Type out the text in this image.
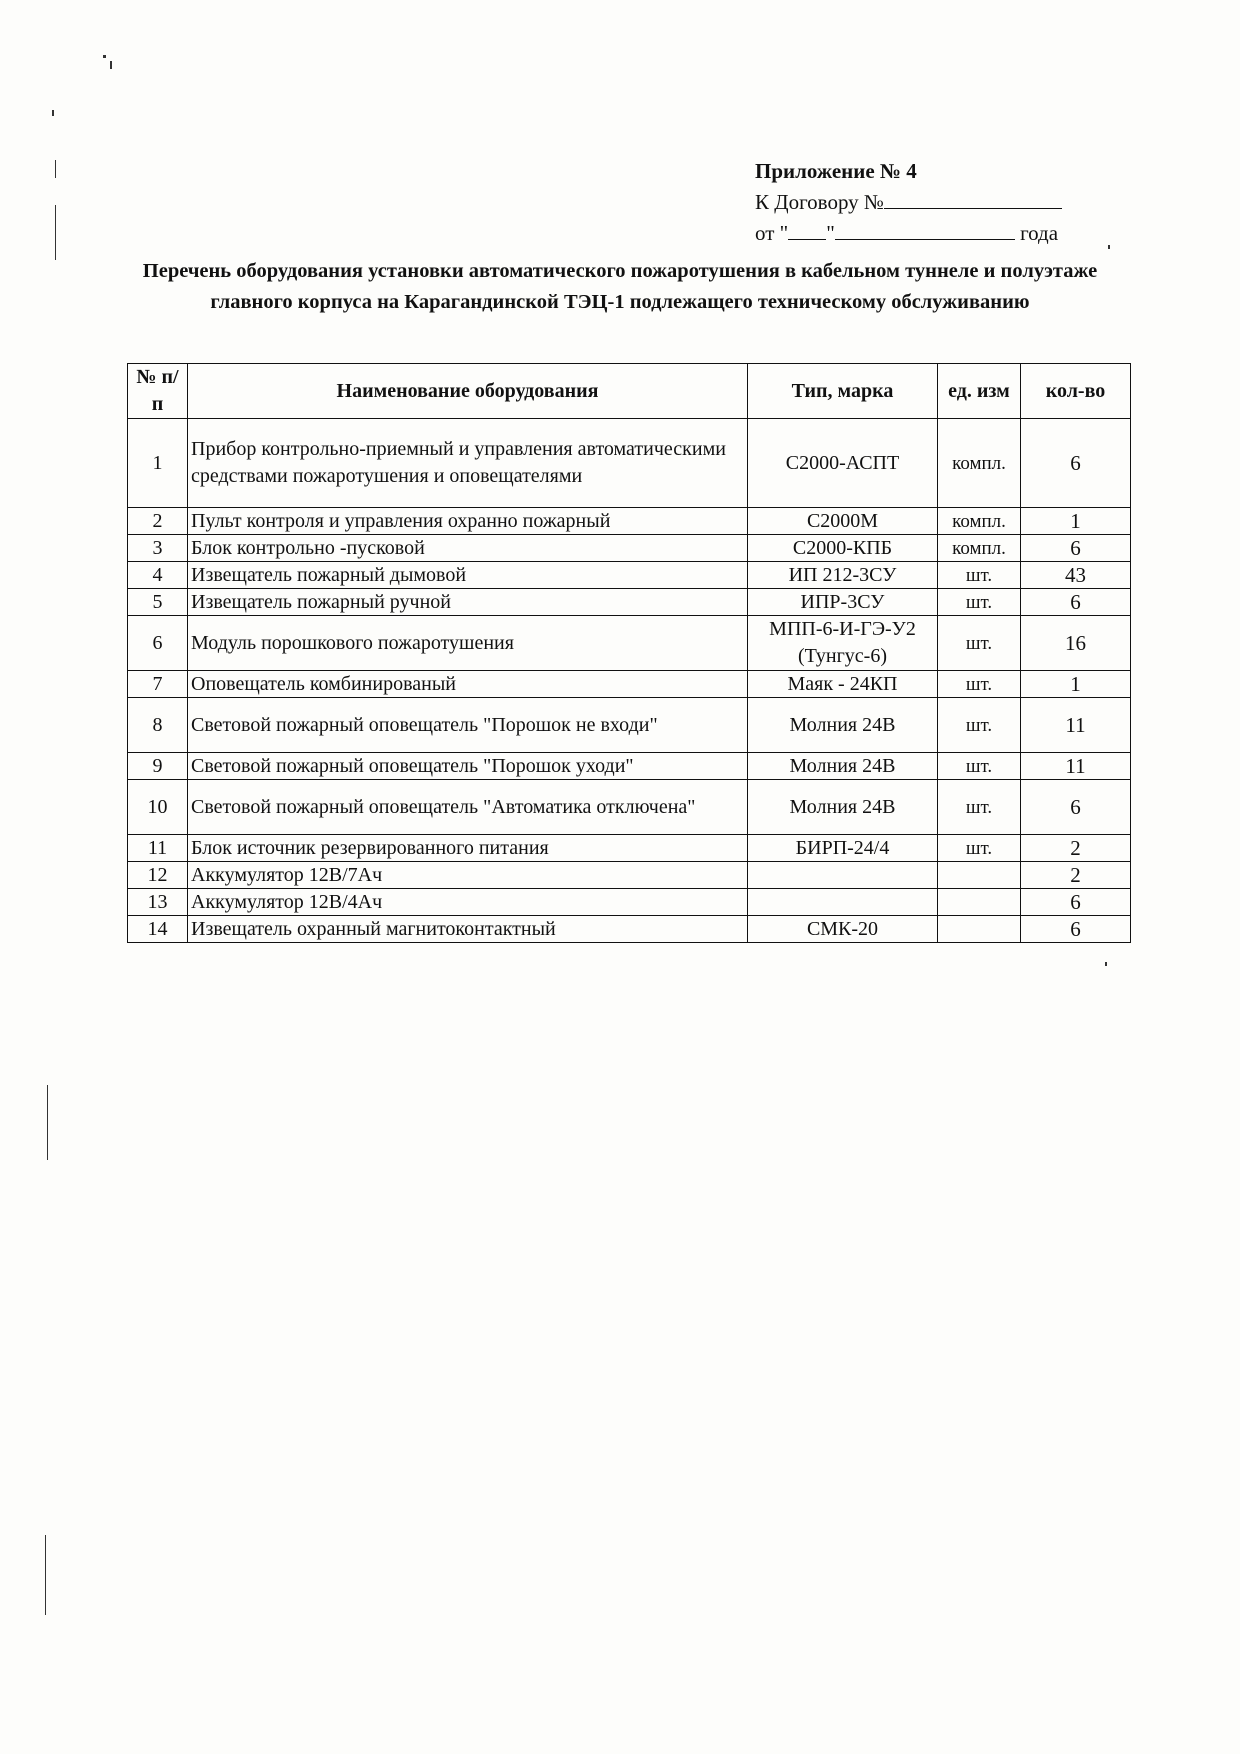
Приложение № 4
К Договору №
от " "	года
Перечень оборудования установки автоматического пожаротушения в кабельном туннеле и полуэтаже главного корпуса на Карагандинской ТЭЦ-1 подлежащего техническому обслуживанию
№ п/п	Наименование оборудования	Тип, марка	ед. изм	кол-во
1	Прибор контрольно-приемный и управления автоматическими средствами пожаротушения и оповещателями	С2000-АСПТ	компл.	6
2	Пульт контроля и управления охранно пожарный	С2000М	компл.	1
3	Блок контрольно -пусковой	С2000-КПБ	компл.	6
4	Извещатель пожарный дымовой	ИП 212-3СУ	шт.	43
5	Извещатель пожарный ручной	ИПР-3СУ	шт.	6
6	Модуль порошкового пожаротушения	МПП-6-И-ГЭ-У2 (Тунгус-6)	шт.	16
7	Оповещатель комбинированый	Маяк - 24КП	шт.	1
8	Световой пожарный оповещатель "Порошок не входи"	Молния 24В	шт.	11
9	Световой пожарный оповещатель "Порошок уходи"	Молния 24В	шт.	11
10	Световой пожарный оповещатель "Автоматика отключена"	Молния 24В	шт.	6
11	Блок источник резервированного питания	БИРП-24/4	шт.	2
12	Аккумулятор 12В/7Ач			2
13	Аккумулятор 12В/4Ач			6
14	Извещатель охранный магнитоконтактный	СМК-20		6
